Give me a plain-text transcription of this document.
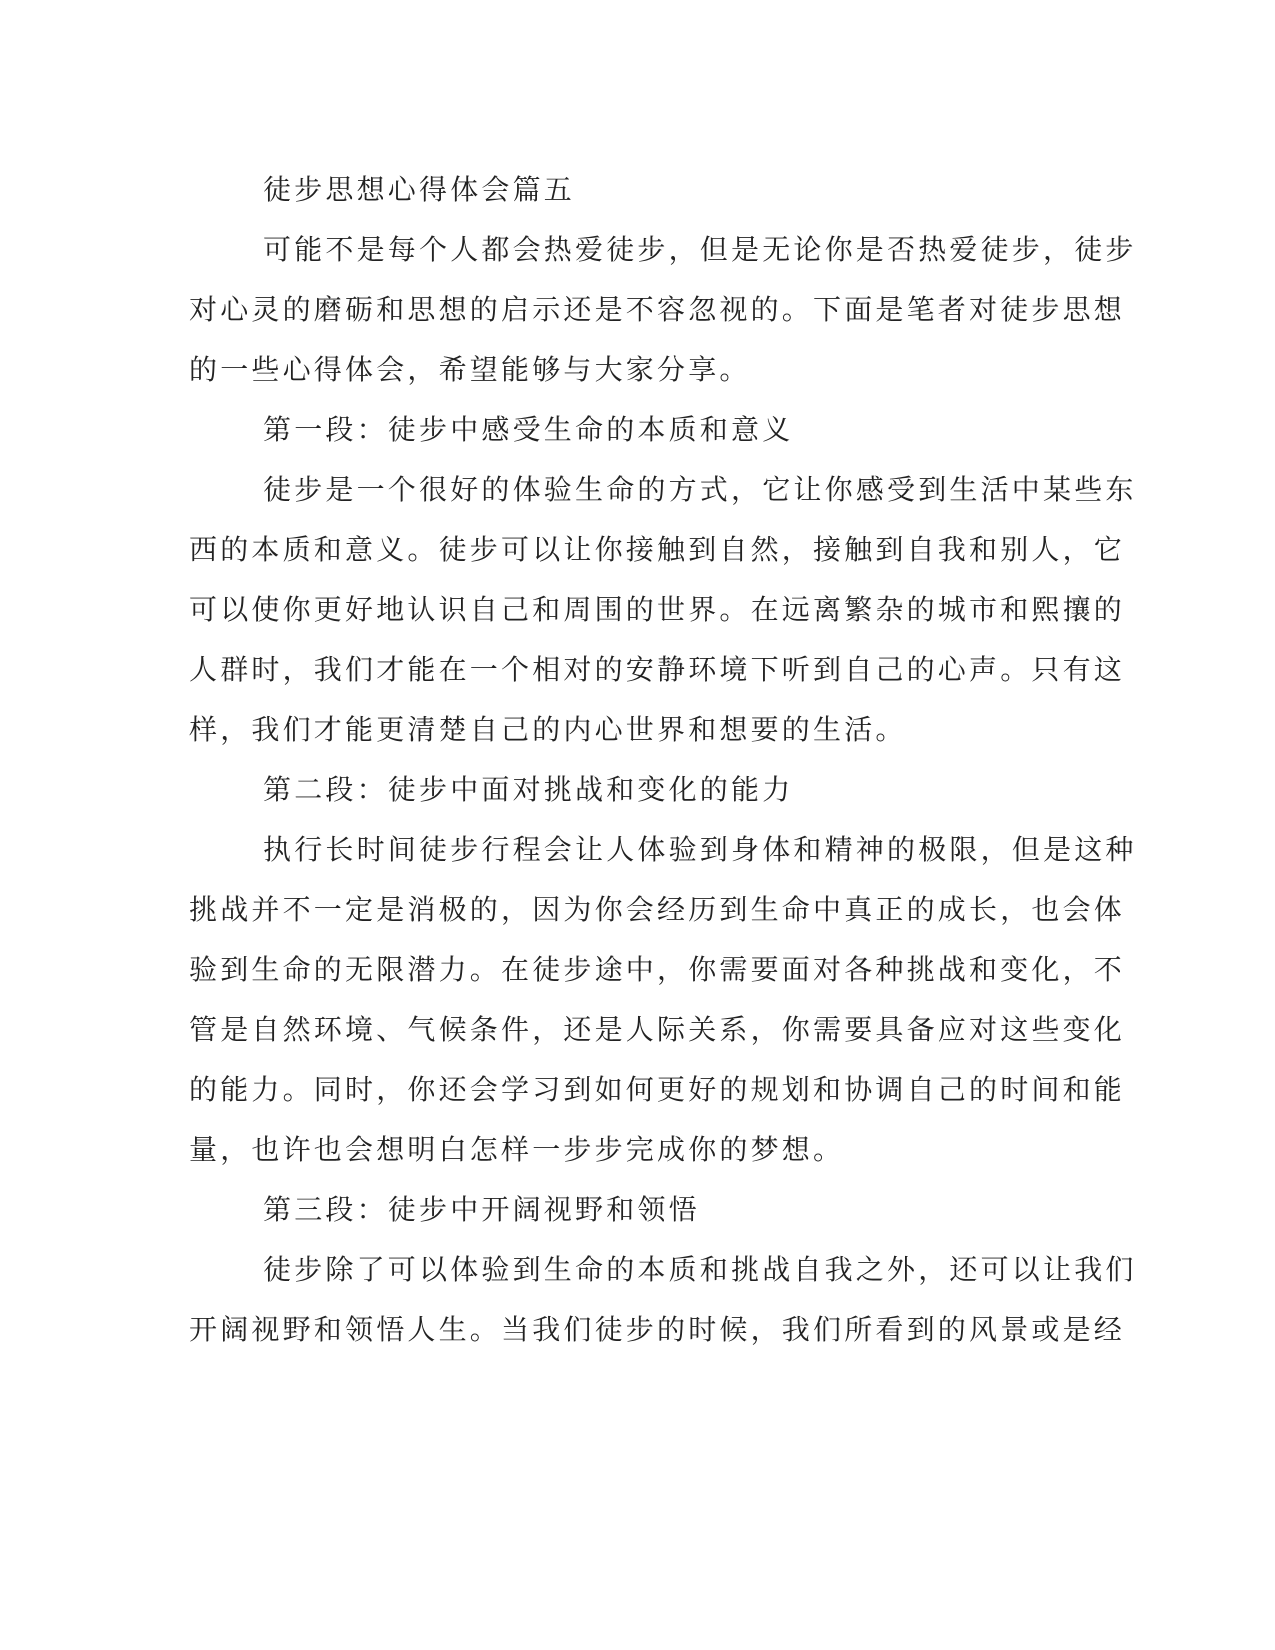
徒步思想心得体会篇五
可能不是每个人都会热爱徒步，但是无论你是否热爱徒步，徒步
对心灵的磨砺和思想的启示还是不容忽视的。下面是笔者对徒步思想
的一些心得体会，希望能够与大家分享。
第一段：徒步中感受生命的本质和意义
徒步是一个很好的体验生命的方式，它让你感受到生活中某些东
西的本质和意义。徒步可以让你接触到自然，接触到自我和别人，它
可以使你更好地认识自己和周围的世界。在远离繁杂的城市和熙攘的
人群时，我们才能在一个相对的安静环境下听到自己的心声。只有这
样，我们才能更清楚自己的内心世界和想要的生活。
第二段：徒步中面对挑战和变化的能力
执行长时间徒步行程会让人体验到身体和精神的极限，但是这种
挑战并不一定是消极的，因为你会经历到生命中真正的成长，也会体
验到生命的无限潜力。在徒步途中，你需要面对各种挑战和变化，不
管是自然环境、气候条件，还是人际关系，你需要具备应对这些变化
的能力。同时，你还会学习到如何更好的规划和协调自己的时间和能
量，也许也会想明白怎样一步步完成你的梦想。
第三段：徒步中开阔视野和领悟
徒步除了可以体验到生命的本质和挑战自我之外，还可以让我们
开阔视野和领悟人生。当我们徒步的时候，我们所看到的风景或是经
